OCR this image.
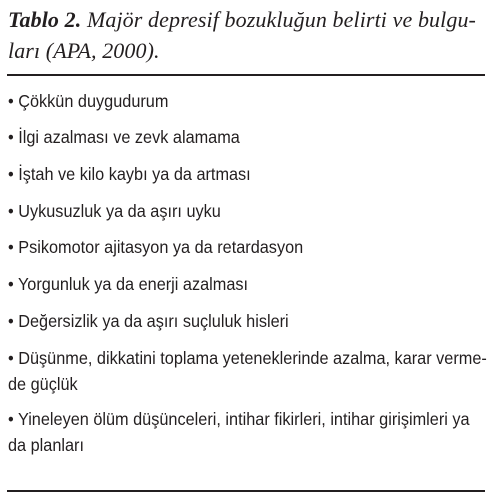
Tablo 2. Majör depresif bozukluğun belirti ve bulgu-
ları (APA, 2000).
• Çökkün duygudurum
• İlgi azalması ve zevk alamama
• İştah ve kilo kaybı ya da artması
• Uykusuzluk ya da aşırı uyku
• Psikomotor ajitasyon ya da retardasyon
• Yorgunluk ya da enerji azalması
• Değersizlik ya da aşırı suçluluk hisleri
• Düşünme, dikkatini toplama yeteneklerinde azalma, karar verme-
de güçlük
• Yineleyen ölüm düşünceleri, intihar fikirleri, intihar girişimleri ya
da planları
